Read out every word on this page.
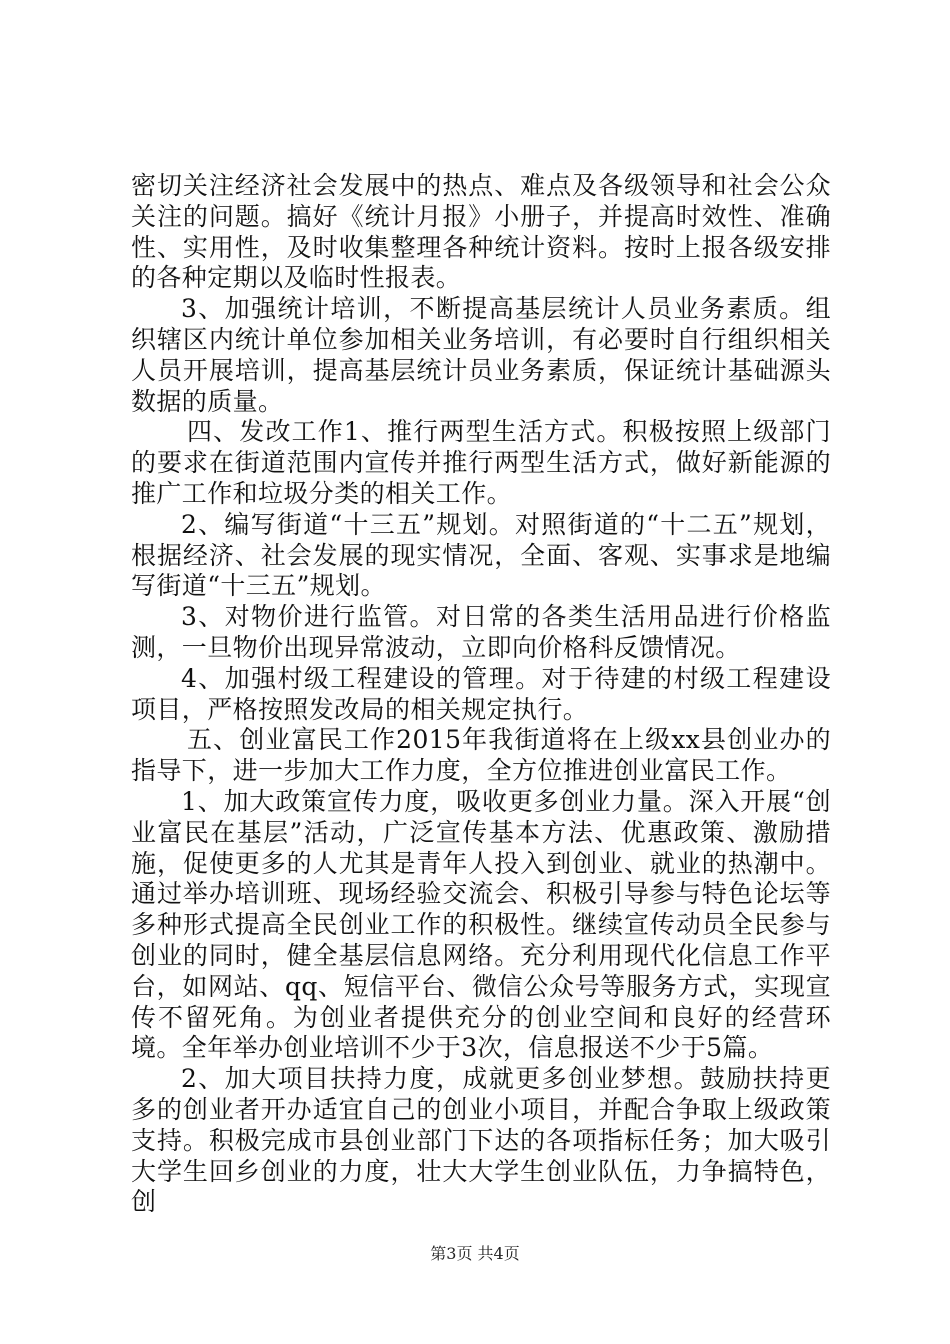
密切关注经济社会发展中的热点、难点及各级领导和社会公众关注的问题。搞好《统计月报》小册子，并提高时效性、准确性、实用性，及时收集整理各种统计资料。按时上报各级安排的各种定期以及临时性报表。

3、加强统计培训，不断提高基层统计人员业务素质。组织辖区内统计单位参加相关业务培训，有必要时自行组织相关人员开展培训，提高基层统计员业务素质，保证统计基础源头数据的质量。

四、发改工作1、推行两型生活方式。积极按照上级部门的要求在街道范围内宣传并推行两型生活方式，做好新能源的推广工作和垃圾分类的相关工作。

2、编写街道“十三五”规划。对照街道的“十二五”规划，根据经济、社会发展的现实情况，全面、客观、实事求是地编写街道“十三五”规划。

3、对物价进行监管。对日常的各类生活用品进行价格监测，一旦物价出现异常波动，立即向价格科反馈情况。

4、加强村级工程建设的管理。对于待建的村级工程建设项目，严格按照发改局的相关规定执行。

五、创业富民工作2015年我街道将在上级xx县创业办的指导下，进一步加大工作力度，全方位推进创业富民工作。

1、加大政策宣传力度，吸收更多创业力量。深入开展“创业富民在基层”活动，广泛宣传基本方法、优惠政策、激励措施，促使更多的人尤其是青年人投入到创业、就业的热潮中。通过举办培训班、现场经验交流会、积极引导参与特色论坛等多种形式提高全民创业工作的积极性。继续宣传动员全民参与创业的同时，健全基层信息网络。充分利用现代化信息工作平台，如网站、qq、短信平台、微信公众号等服务方式，实现宣传不留死角。为创业者提供充分的创业空间和良好的经营环境。全年举办创业培训不少于3次，信息报送不少于5篇。

2、加大项目扶持力度，成就更多创业梦想。鼓励扶持更多的创业者开办适宜自己的创业小项目，并配合争取上级政策支持。积极完成市县创业部门下达的各项指标任务；加大吸引大学生回乡创业的力度，壮大大学生创业队伍，力争搞特色，创

第3页 共4页
